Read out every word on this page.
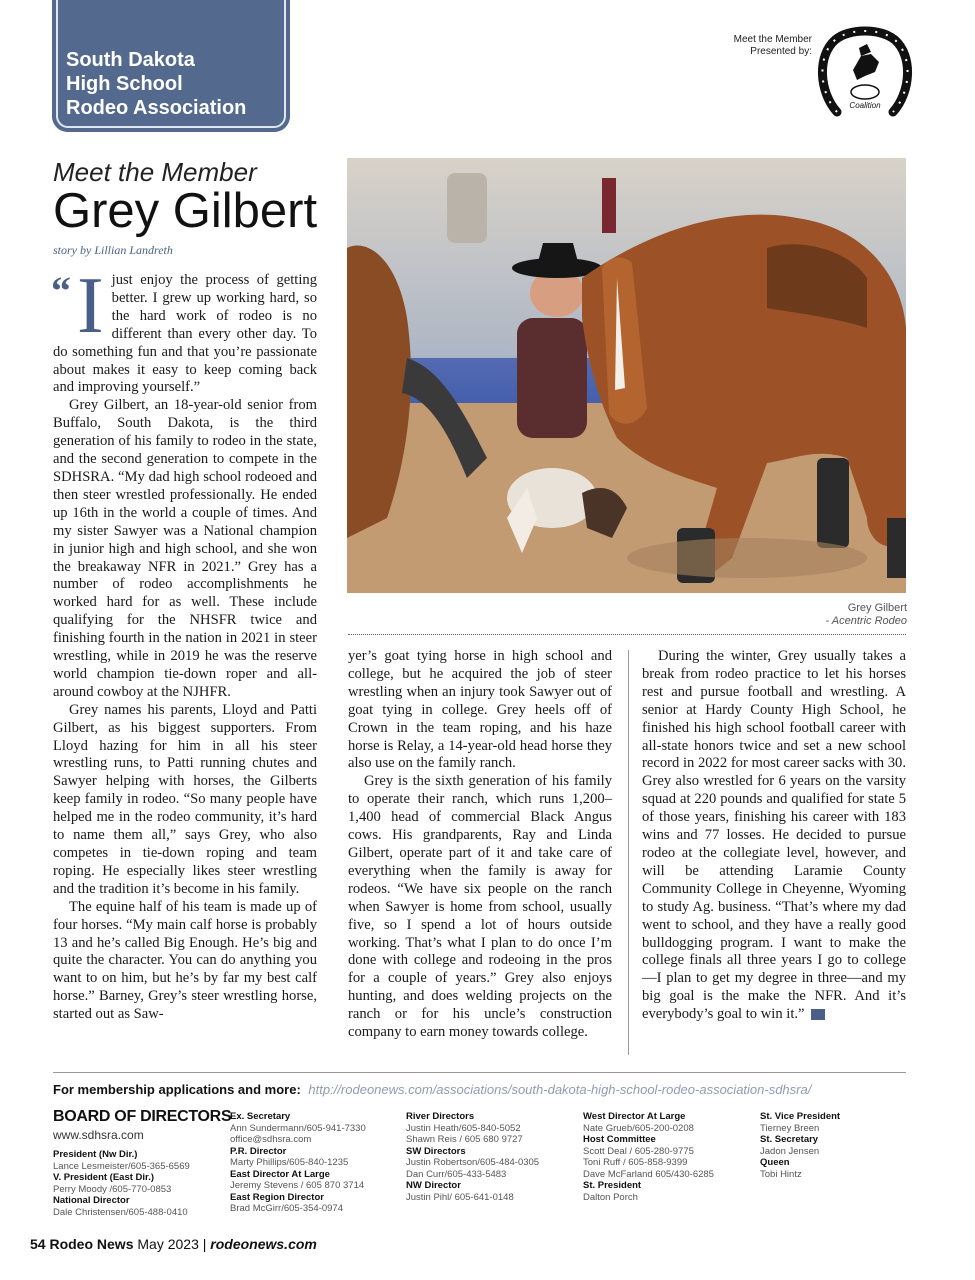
South Dakota
High School
Rodeo Association
Meet the Member
Presented by:
Coalition
Meet the Member
Grey Gilbert
story by Lillian Landreth

“ I just enjoy the process of getting better. I grew up working hard, so the hard work of rodeo is no different than every other day. To do something fun and that you’re passionate about makes it easy to keep coming back and improving yourself.”

Grey Gilbert, an 18-year-old senior from Buffalo, South Dakota, is the third generation of his family to rodeo in the state, and the second generation to compete in the SDHSRA. “My dad high school rodeoed and then steer wrestled professionally. He ended up 16th in the world a couple of times. And my sister Sawyer was a National champion in junior high and high school, and she won the breakaway NFR in 2021.” Grey has a number of rodeo accomplishments he worked hard for as well. These include qualifying for the NHSFR twice and finishing fourth in the nation in 2021 in steer wrestling, while in 2019 he was the reserve world champion tie-down roper and all-around cowboy at the NJHFR.

Grey names his parents, Lloyd and Patti Gilbert, as his biggest supporters. From Lloyd hazing for him in all his steer wrestling runs, to Patti running chutes and Sawyer helping with horses, the Gilberts keep family in rodeo. “So many people have helped me in the rodeo community, it’s hard to name them all,” says Grey, who also competes in tie-down roping and team roping. He especially likes steer wrestling and the tradition it’s become in his family.

The equine half of his team is made up of four horses. “My main calf horse is probably 13 and he’s called Big Enough. He’s big and quite the character. You can do anything you want to on him, but he’s by far my best calf horse.” Barney, Grey’s steer wrestling horse, started out as Saw-

Grey Gilbert
- Acentric Rodeo

yer’s goat tying horse in high school and college, but he acquired the job of steer wrestling when an injury took Sawyer out of goat tying in college. Grey heels off of Crown in the team roping, and his haze horse is Relay, a 14-year-old head horse they also use on the family ranch.

Grey is the sixth generation of his family to operate their ranch, which runs 1,200–1,400 head of commercial Black Angus cows. His grandparents, Ray and Linda Gilbert, operate part of it and take care of everything when the family is away for rodeos. “We have six people on the ranch when Sawyer is home from school, usually five, so I spend a lot of hours outside working. That’s what I plan to do once I’m done with college and rodeoing in the pros for a couple of years.” Grey also enjoys hunting, and does welding projects on the ranch or for his uncle’s construction company to earn money towards college.

During the winter, Grey usually takes a break from rodeo practice to let his horses rest and pursue football and wrestling. A senior at Hardy County High School, he finished his high school football career with all-state honors twice and set a new school record in 2022 for most career sacks with 30. Grey also wrestled for 6 years on the varsity squad at 220 pounds and qualified for state 5 of those years, finishing his career with 183 wins and 77 losses. He decided to pursue rodeo at the collegiate level, however, and will be attending Laramie County Community College in Cheyenne, Wyoming to study Ag. business. “That’s where my dad went to school, and they have a really good bulldogging program. I want to make the college finals all three years I go to college—I plan to get my degree in three—and my big goal is the make the NFR. And it’s everybody’s goal to win it.”

For membership applications and more: http://rodeonews.com/associations/south-dakota-high-school-rodeo-association-sdhsra/
BOARD OF DIRECTORS
www.sdhsra.com
President (Nw Dir.)
Lance Lesmeister/605-365-6569
V. President (East Dir.)
Perry Moody /605-770-0853
National Director
Dale Christensen/605-488-0410
Ex. Secretary
Ann Sundermann/605-941-7330
office@sdhsra.com
P.R. Director
Marty Phillips/605-840-1235
East Director At Large
Jeremy Stevens / 605 870 3714
East Region Director
Brad McGirr/605-354-0974
River Directors
Justin Heath/605-840-5052
Shawn Reis / 605 680 9727
SW Directors
Justin Robertson/605-484-0305
Dan Curr/605-433-5483
NW Director
Justin Pihl/ 605-641-0148
West Director At Large
Nate Grueb/605-200-0208
Host Committee
Scott Deal / 605-280-9775
Toni Ruff / 605-858-9399
Dave McFarland 605/430-6285
St. President
Dalton Porch
St. Vice President
Tierney Breen
St. Secretary
Jadon Jensen
Queen
Tobi Hintz
54 Rodeo News May 2023 | rodeonews.com
